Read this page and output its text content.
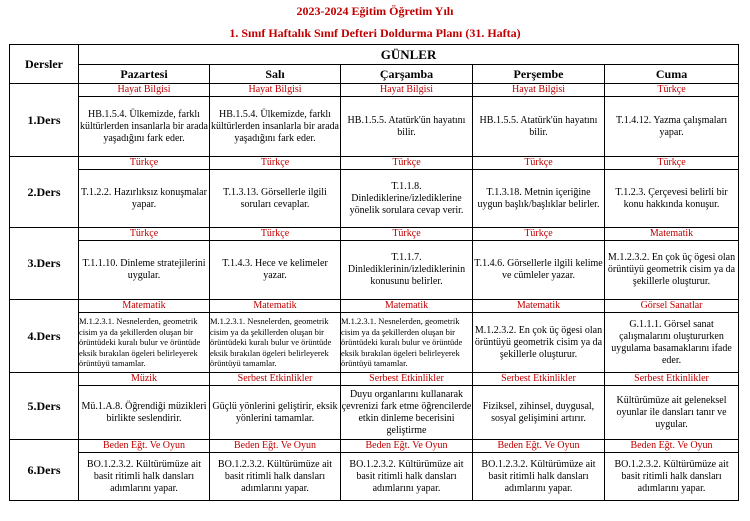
2023-2024 Eğitim Öğretim Yılı
1. Sınıf Haftalık Sınıf Defteri Doldurma Planı (31. Hafta)
Dersler	GÜNLER				
	Pazartesi	Salı	Çarşamba	Perşembe	Cuma
1.Ders	Hayat Bilgisi	Hayat Bilgisi	Hayat Bilgisi	Hayat Bilgisi	Türkçe
	HB.1.5.4. Ülkemizde, farklı kültürlerden insanlarla bir arada yaşadığını fark eder.	HB.1.5.4. Ülkemizde, farklı kültürlerden insanlarla bir arada yaşadığını fark eder.	HB.1.5.5. Atatürk'ün hayatını bilir.	HB.1.5.5. Atatürk'ün hayatını bilir.	T.1.4.12. Yazma çalışmaları yapar.
2.Ders	Türkçe	Türkçe	Türkçe	Türkçe	Türkçe
	T.1.2.2. Hazırlıksız konuşmalar yapar.	T.1.3.13. Görsellerle ilgili soruları cevaplar.	T.1.1.8. Dinlediklerine/izlediklerine yönelik sorulara cevap verir.	T.1.3.18. Metnin içeriğine uygun başlık/başlıklar belirler.	T.1.2.3. Çerçevesi belirli bir konu hakkında konuşur.
3.Ders	Türkçe	Türkçe	Türkçe	Türkçe	Matematik
	T.1.1.10. Dinleme stratejilerini uygular.	T.1.4.3. Hece ve kelimeler yazar.	T.1.1.7. Dinlediklerinin/izlediklerinin konusunu belirler.	T.1.4.6. Görsellerle ilgili kelime ve cümleler yazar.	M.1.2.3.2. En çok üç ögesi olan örüntüyü geometrik cisim ya da şekillerle oluşturur.
4.Ders	Matematik	Matematik	Matematik	Matematik	Görsel Sanatlar
	M.1.2.3.1. Nesnelerden, geometrik cisim ya da şekillerden oluşan bir örüntüdeki kuralı bulur ve örüntüde eksik bırakılan ögeleri belirleyerek örüntüyü tamamlar.	M.1.2.3.1. Nesnelerden, geometrik cisim ya da şekillerden oluşan bir örüntüdeki kuralı bulur ve örüntüde eksik bırakılan ögeleri belirleyerek örüntüyü tamamlar.	M.1.2.3.1. Nesnelerden, geometrik cisim ya da şekillerden oluşan bir örüntüdeki kuralı bulur ve örüntüde eksik bırakılan ögeleri belirleyerek örüntüyü tamamlar.	M.1.2.3.2. En çok üç ögesi olan örüntüyü geometrik cisim ya da şekillerle oluşturur.	G.1.1.1. Görsel sanat çalışmalarını oluştururken uygulama basamaklarını ifade eder.
5.Ders	Müzik	Serbest Etkinlikler	Serbest Etkinlikler	Serbest Etkinlikler	Serbest Etkinlikler
	Mü.1.A.8. Öğrendiği müzikleri birlikte seslendirir.	Güçlü yönlerini geliştirir, eksik yönlerini tamamlar.	Duyu organlarını kullanarak çevrenizi fark etme öğrencilerde etkin dinleme becerisini geliştirme	Fiziksel, zihinsel, duygusal, sosyal gelişimini artırır.	Kültürümüze ait geleneksel oyunlar ile dansları tanır ve uygular.
6.Ders	Beden Eğt. Ve Oyun	Beden Eğt. Ve Oyun	Beden Eğt. Ve Oyun	Beden Eğt. Ve Oyun	Beden Eğt. Ve Oyun
	BO.1.2.3.2. Kültürümüze ait basit ritimli halk dansları adımlarını yapar.	BO.1.2.3.2. Kültürümüze ait basit ritimli halk dansları adımlarını yapar.	BO.1.2.3.2. Kültürümüze ait basit ritimli halk dansları adımlarını yapar.	BO.1.2.3.2. Kültürümüze ait basit ritimli halk dansları adımlarını yapar.	BO.1.2.3.2. Kültürümüze ait basit ritimli halk dansları adımlarını yapar.
